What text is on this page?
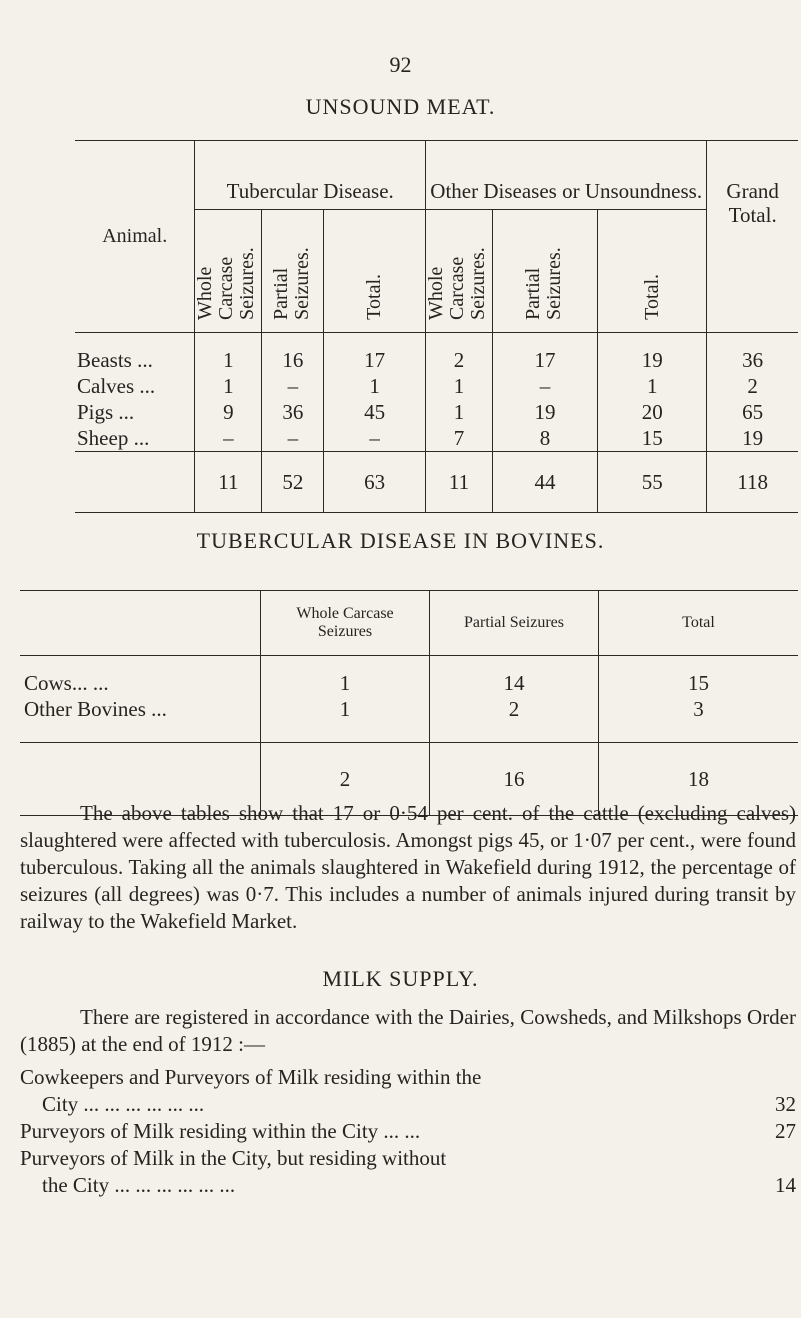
92
UNSOUND MEAT.
Animal.	Tubercular Disease.			Other Diseases or Unsoundness.			Grand Total.
	Whole Carcase Seizures.	Partial Seizures.	Total.	Whole Carcase Seizures.	Partial Seizures.	Total.	
Beasts ...	1	16	17	2	17	19	36
Calves ...	1	–	1	1	–	1	2
Pigs ...	9	36	45	1	19	20	65
Sheep ...	–	–	–	7	8	15	19
	11	52	63	11	44	55	118
TUBERCULAR DISEASE IN BOVINES.
	Whole Carcase Seizures	Partial Seizures	Total
Cows... ...	1	14	15
Other Bovines ...	1	2	3
	2	16	18

The above tables show that 17 or 0·54 per cent. of the cattle (excluding calves) slaughtered were affected with tuberculosis. Amongst pigs 45, or 1·07 per cent., were found tuberculous. Taking all the animals slaughtered in Wakefield during 1912, the percentage of seizures (all degrees) was 0·7. This includes a number of animals injured during transit by railway to the Wakefield Market.

MILK SUPPLY.

There are registered in accordance with the Dairies, Cowsheds, and Milkshops Order (1885) at the end of 1912 :—

Cowkeepers and Purveyors of Milk residing within the
City ... ... ... ... ... ...	32
Purveyors of Milk residing within the City ... ...	27
Purveyors of Milk in the City, but residing without
the City ... ... ... ... ... ...	14
